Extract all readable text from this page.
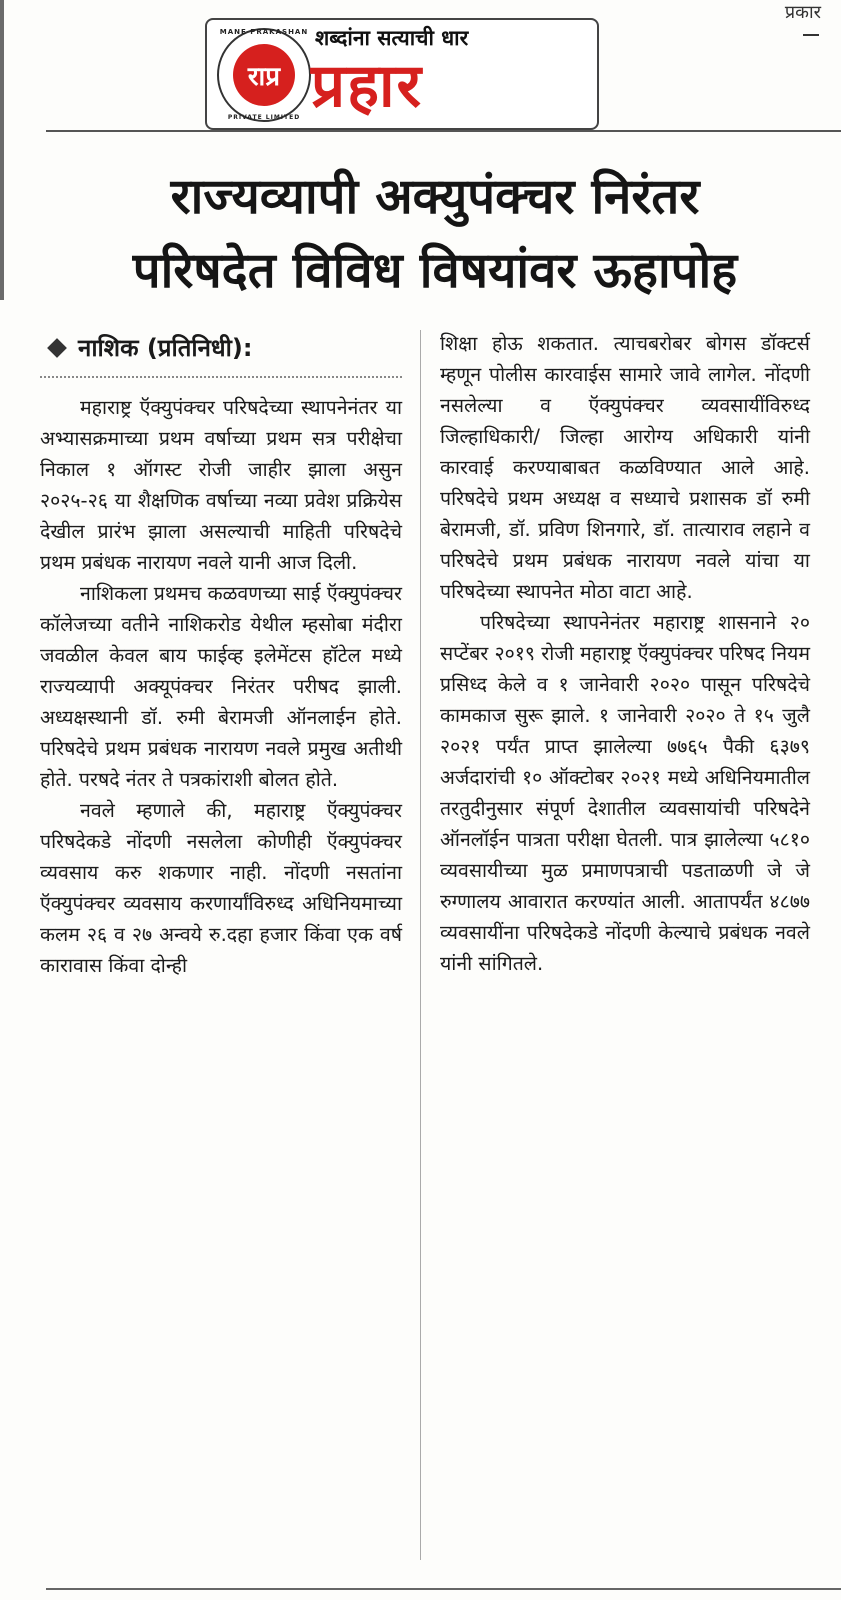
प्रकार
MANE PRAKASHAN
राप्र
PRIVATE LIMITED
शब्दांना सत्याची धार
प्रहार
राज्यव्यापी अक्युपंक्चर निरंतर
परिषदेत विविध विषयांवर ऊहापोह
नाशिक (प्रतिनिधी):

महाराष्ट्र ऍक्युपंक्चर परिषदेच्या स्थापनेनंतर या अभ्यासक्रमाच्या प्रथम वर्षाच्या प्रथम सत्र परीक्षेचा निकाल १ ऑगस्ट रोजी जाहीर झाला असुन २०२५-२६ या शैक्षणिक वर्षाच्या नव्या प्रवेश प्रक्रियेस देखील प्रारंभ झाला असल्याची माहिती परिषदेचे प्रथम प्रबंधक नारायण नवले यानी आज दिली.

नाशिकला प्रथमच कळवणच्या साई ऍक्युपंक्चर कॉलेजच्या वतीने नाशिकरोड येथील म्हसोबा मंदीरा जवळील केवल बाय फाईव्ह इलेमेंटस हॉटेल मध्ये राज्यव्यापी अक्यूपंक्चर निरंतर परीषद झाली. अध्यक्षस्थानी डॉ. रुमी बेरामजी ऑनलाईन होते. परिषदेचे प्रथम प्रबंधक नारायण नवले प्रमुख अतीथी होते. परषदे नंतर ते पत्रकांराशी बोलत होते.

नवले म्हणाले की, महाराष्ट्र ऍक्युपंक्चर परिषदेकडे नोंदणी नसलेला कोणीही ऍक्युपंक्चर व्यवसाय करु शकणार नाही. नोंदणी नसतांना ऍक्युपंक्चर व्यवसाय करणार्यांविरुध्द अधिनियमाच्या कलम २६ व २७ अन्वये रु.दहा हजार किंवा एक वर्ष कारावास किंवा दोन्ही

शिक्षा होऊ शकतात. त्याचबरोबर बोगस डॉक्टर्स म्हणून पोलीस कारवाईस सामारे जावे लागेल. नोंदणी नसलेल्या व ऍक्युपंक्चर व्यवसायींविरुध्द जिल्हाधिकारी/ जिल्हा आरोग्य अधिकारी यांनी कारवाई करण्याबाबत कळविण्यात आले आहे. परिषदेचे प्रथम अध्यक्ष व सध्याचे प्रशासक डॉ रुमी बेरामजी, डॉ. प्रविण शिनगारे, डॉ. तात्याराव लहाने व परिषदेचे प्रथम प्रबंधक नारायण नवले यांचा या परिषदेच्या स्थापनेत मोठा वाटा आहे.

परिषदेच्या स्थापनेनंतर महाराष्ट्र शासनाने २० सप्टेंबर २०१९ रोजी महाराष्ट्र ऍक्युपंक्चर परिषद नियम प्रसिध्द केले व १ जानेवारी २०२० पासून परिषदेचे कामकाज सुरू झाले. १ जानेवारी २०२० ते १५ जुलै २०२१ पर्यंत प्राप्त झालेल्या ७७६५ पैकी ६३७९ अर्जदारांची १० ऑक्टोबर २०२१ मध्ये अधिनियमातील तरतुदीनुसार संपूर्ण देशातील व्यवसायांची परिषदेने ऑनलॉईन पात्रता परीक्षा घेतली. पात्र झालेल्या ५८१० व्यवसायीच्या मुळ प्रमाणपत्राची पडताळणी जे जे रुग्णालय आवारात करण्यांत आली. आतापर्यंत ४८७७ व्यवसायींना परिषदेकडे नोंदणी केल्याचे प्रबंधक नवले यांनी सांगितले.
